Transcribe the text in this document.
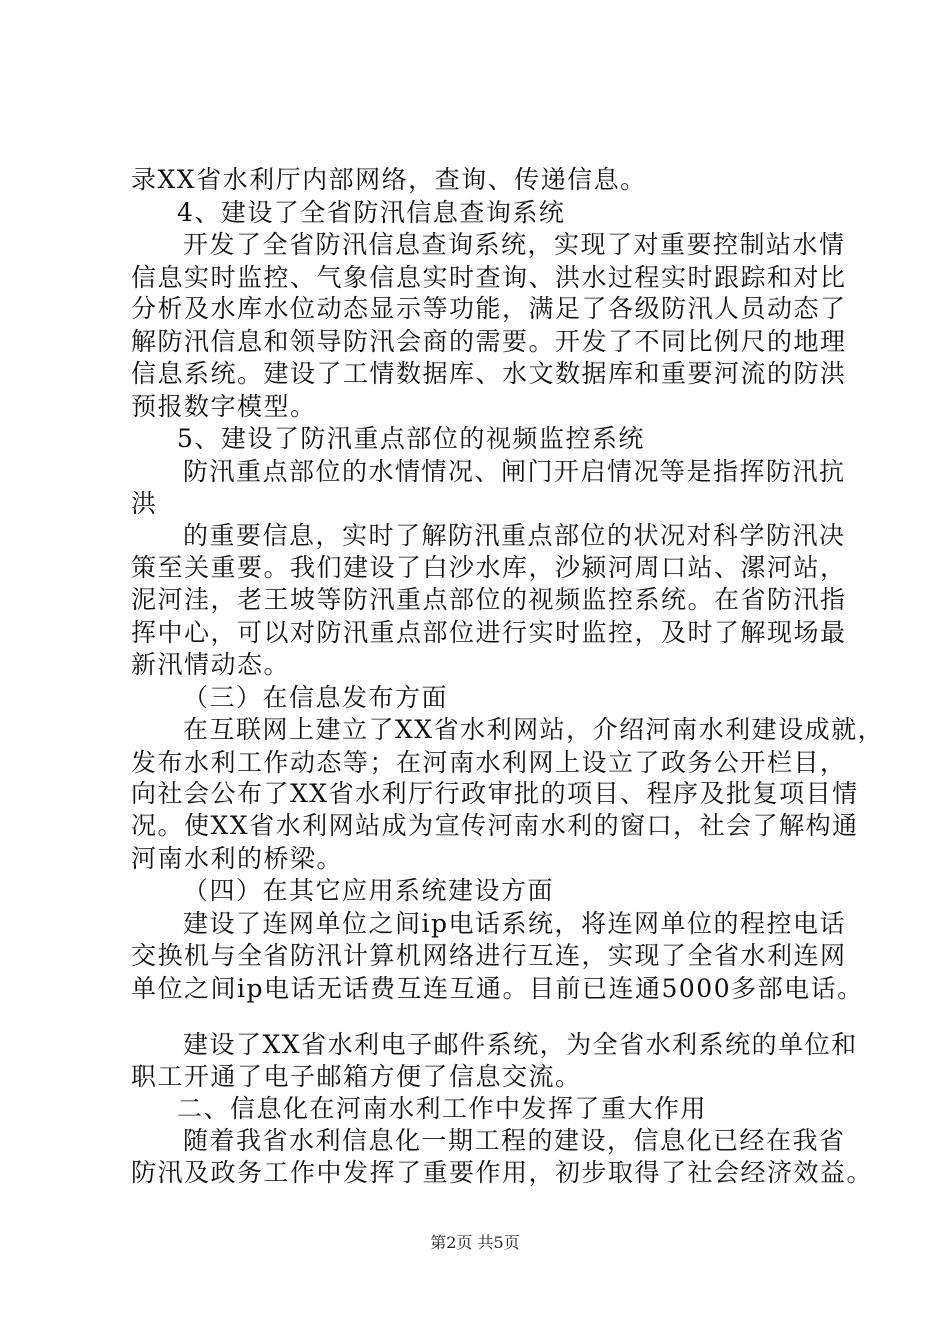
录XX省水利厅内部网络，查询、传递信息。
4、建设了全省防汛信息查询系统
开发了全省防汛信息查询系统，实现了对重要控制站水情
信息实时监控、气象信息实时查询、洪水过程实时跟踪和对比
分析及水库水位动态显示等功能，满足了各级防汛人员动态了
解防汛信息和领导防汛会商的需要。开发了不同比例尺的地理
信息系统。建设了工情数据库、水文数据库和重要河流的防洪
预报数字模型。
5、建设了防汛重点部位的视频监控系统
防汛重点部位的水情情况、闸门开启情况等是指挥防汛抗
洪
的重要信息，实时了解防汛重点部位的状况对科学防汛决
策至关重要。我们建设了白沙水库，沙颍河周口站、漯河站，
泥河洼，老王坡等防汛重点部位的视频监控系统。在省防汛指
挥中心，可以对防汛重点部位进行实时监控，及时了解现场最
新汛情动态。
（三）在信息发布方面
在互联网上建立了XX省水利网站，介绍河南水利建设成就，
发布水利工作动态等；在河南水利网上设立了政务公开栏目，
向社会公布了XX省水利厅行政审批的项目、程序及批复项目情
况。使XX省水利网站成为宣传河南水利的窗口，社会了解构通
河南水利的桥梁。
（四）在其它应用系统建设方面
建设了连网单位之间ip电话系统，将连网单位的程控电话
交换机与全省防汛计算机网络进行互连，实现了全省水利连网
单位之间ip电话无话费互连互通。目前已连通5000多部电话。
建设了XX省水利电子邮件系统，为全省水利系统的单位和
职工开通了电子邮箱方便了信息交流。
二、信息化在河南水利工作中发挥了重大作用
随着我省水利信息化一期工程的建设，信息化已经在我省
防汛及政务工作中发挥了重要作用，初步取得了社会经济效益。
第2页 共5页
